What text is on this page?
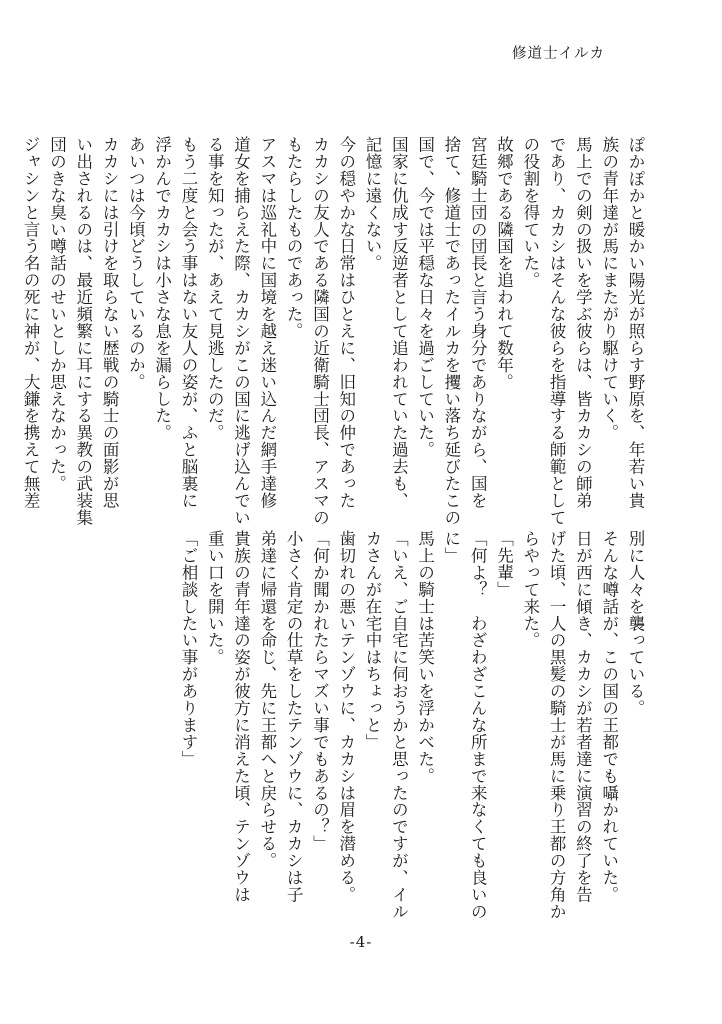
修道士イルカ
ぽかぽかと暖かい陽光が照らす野原を、年若い貴
族の青年達が馬にまたがり駆けていく。
馬上での剣の扱いを学ぶ彼らは、皆カカシの師弟
であり、カカシはそんな彼らを指導する師範として
の役割を得ていた。
故郷である隣国を追われて数年。
宮廷騎士団の団長と言う身分でありながら、国を
捨て、修道士であったイルカを攫い落ち延びたこの
国で、今では平穏な日々を過ごしていた。
国家に仇成す反逆者として追われていた過去も、
記憶に遠くない。
今の穏やかな日常はひとえに、旧知の仲であった
カカシの友人である隣国の近衛騎士団長、アスマの
もたらしたものであった。
アスマは巡礼中に国境を越え迷い込んだ網手達修
道女を捕らえた際、カカシがこの国に逃げ込んでい
る事を知ったが、あえて見逃したのだ。
もう二度と会う事はない友人の姿が、ふと脳裏に
浮かんでカカシは小さな息を漏らした。
あいつは今頃どうしているのか。
カカシには引けを取らない歴戦の騎士の面影が思
い出されるのは、最近頻繁に耳にする異教の武装集
団のきな臭い噂話のせいとしか思えなかった。
ジャシンと言う名の死に神が、大鎌を携えて無差
別に人々を襲っている。
そんな噂話が、この国の王都でも囁かれていた。
日が西に傾き、カカシが若者達に演習の終了を告
げた頃、一人の黒髪の騎士が馬に乗り王都の方角か
らやって来た。
「先輩」
「何よ？　わざわざこんな所まで来なくても良いの
に」
馬上の騎士は苦笑いを浮かべた。
「いえ、ご自宅に伺おうかと思ったのですが、イル
カさんが在宅中はちょっと」
歯切れの悪いテンゾウに、カカシは眉を潜める。
「何か聞かれたらマズい事でもあるの？」
小さく肯定の仕草をしたテンゾウに、カカシは子
弟達に帰還を命じ、先に王都へと戻らせる。
貴族の青年達の姿が彼方に消えた頃、テンゾウは
重い口を開いた。
「ご相談したい事があります」
-4-
